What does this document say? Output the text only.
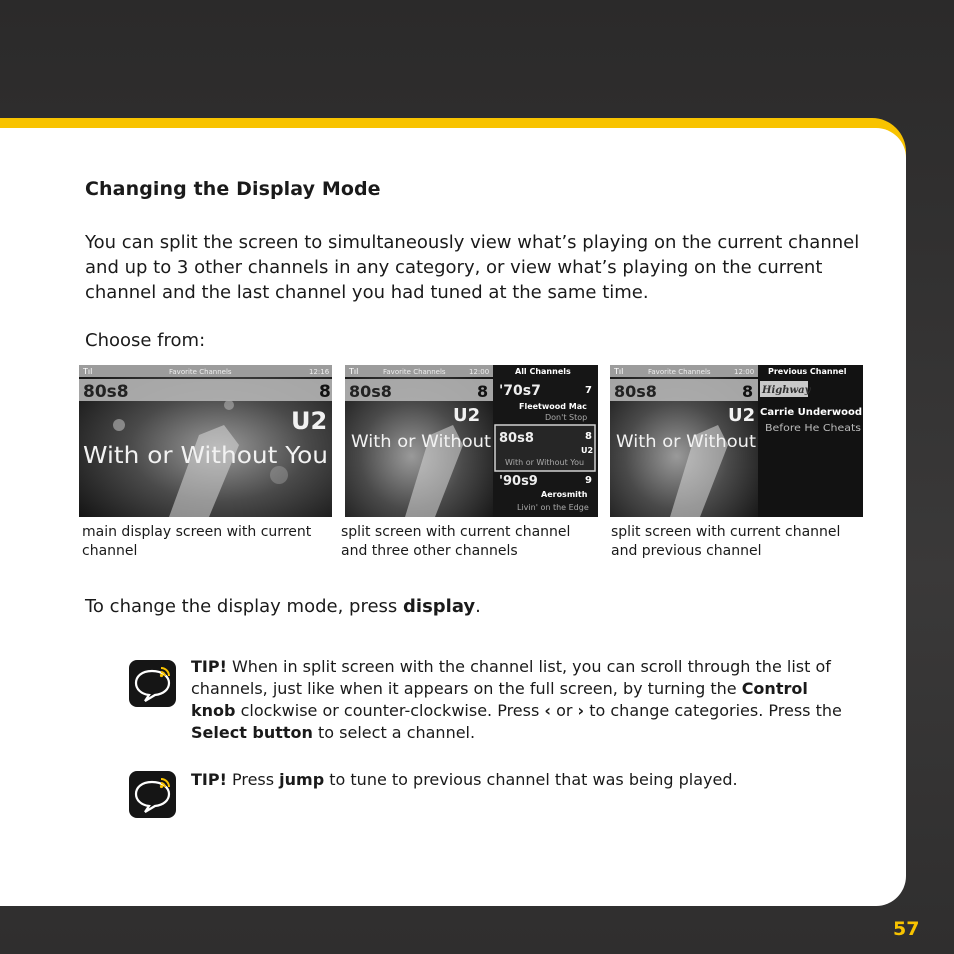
Changing the Display Mode
You can split the screen to simultaneously view what’s playing on the current channel and up to 3 other channels in any category, or view what’s playing on the current channel and the last channel you had tuned at the same time.
Choose from:
Tıl	Favorite Channels	12:16
80s8	8
U2
With or Without You
Tıl	Favorite Channels	12:00	All Channels
80s8	8
U2
With or Without
'70s7	7
Fleetwood Mac
Don't Stop
80s8	8
U2
With or Without You
'90s9	9
Aerosmith
Livin' on the Edge
Tıl	Favorite Channels	12:00 Previous Channel
80s8	8
U2
With or Without
Highway
Carrie Underwood
Before He Cheats
main display screen with current channel
split screen with current channel and three other channels
split screen with current channel and previous channel
To change the display mode, press display.
TIP! When in split screen with the channel list, you can scroll through the list of channels, just like when it appears on the full screen, by turning the Control knob clockwise or counter-clockwise. Press ‹ or › to change categories. Press the Select button to select a channel.
TIP! Press jump to tune to previous channel that was being played.
57
